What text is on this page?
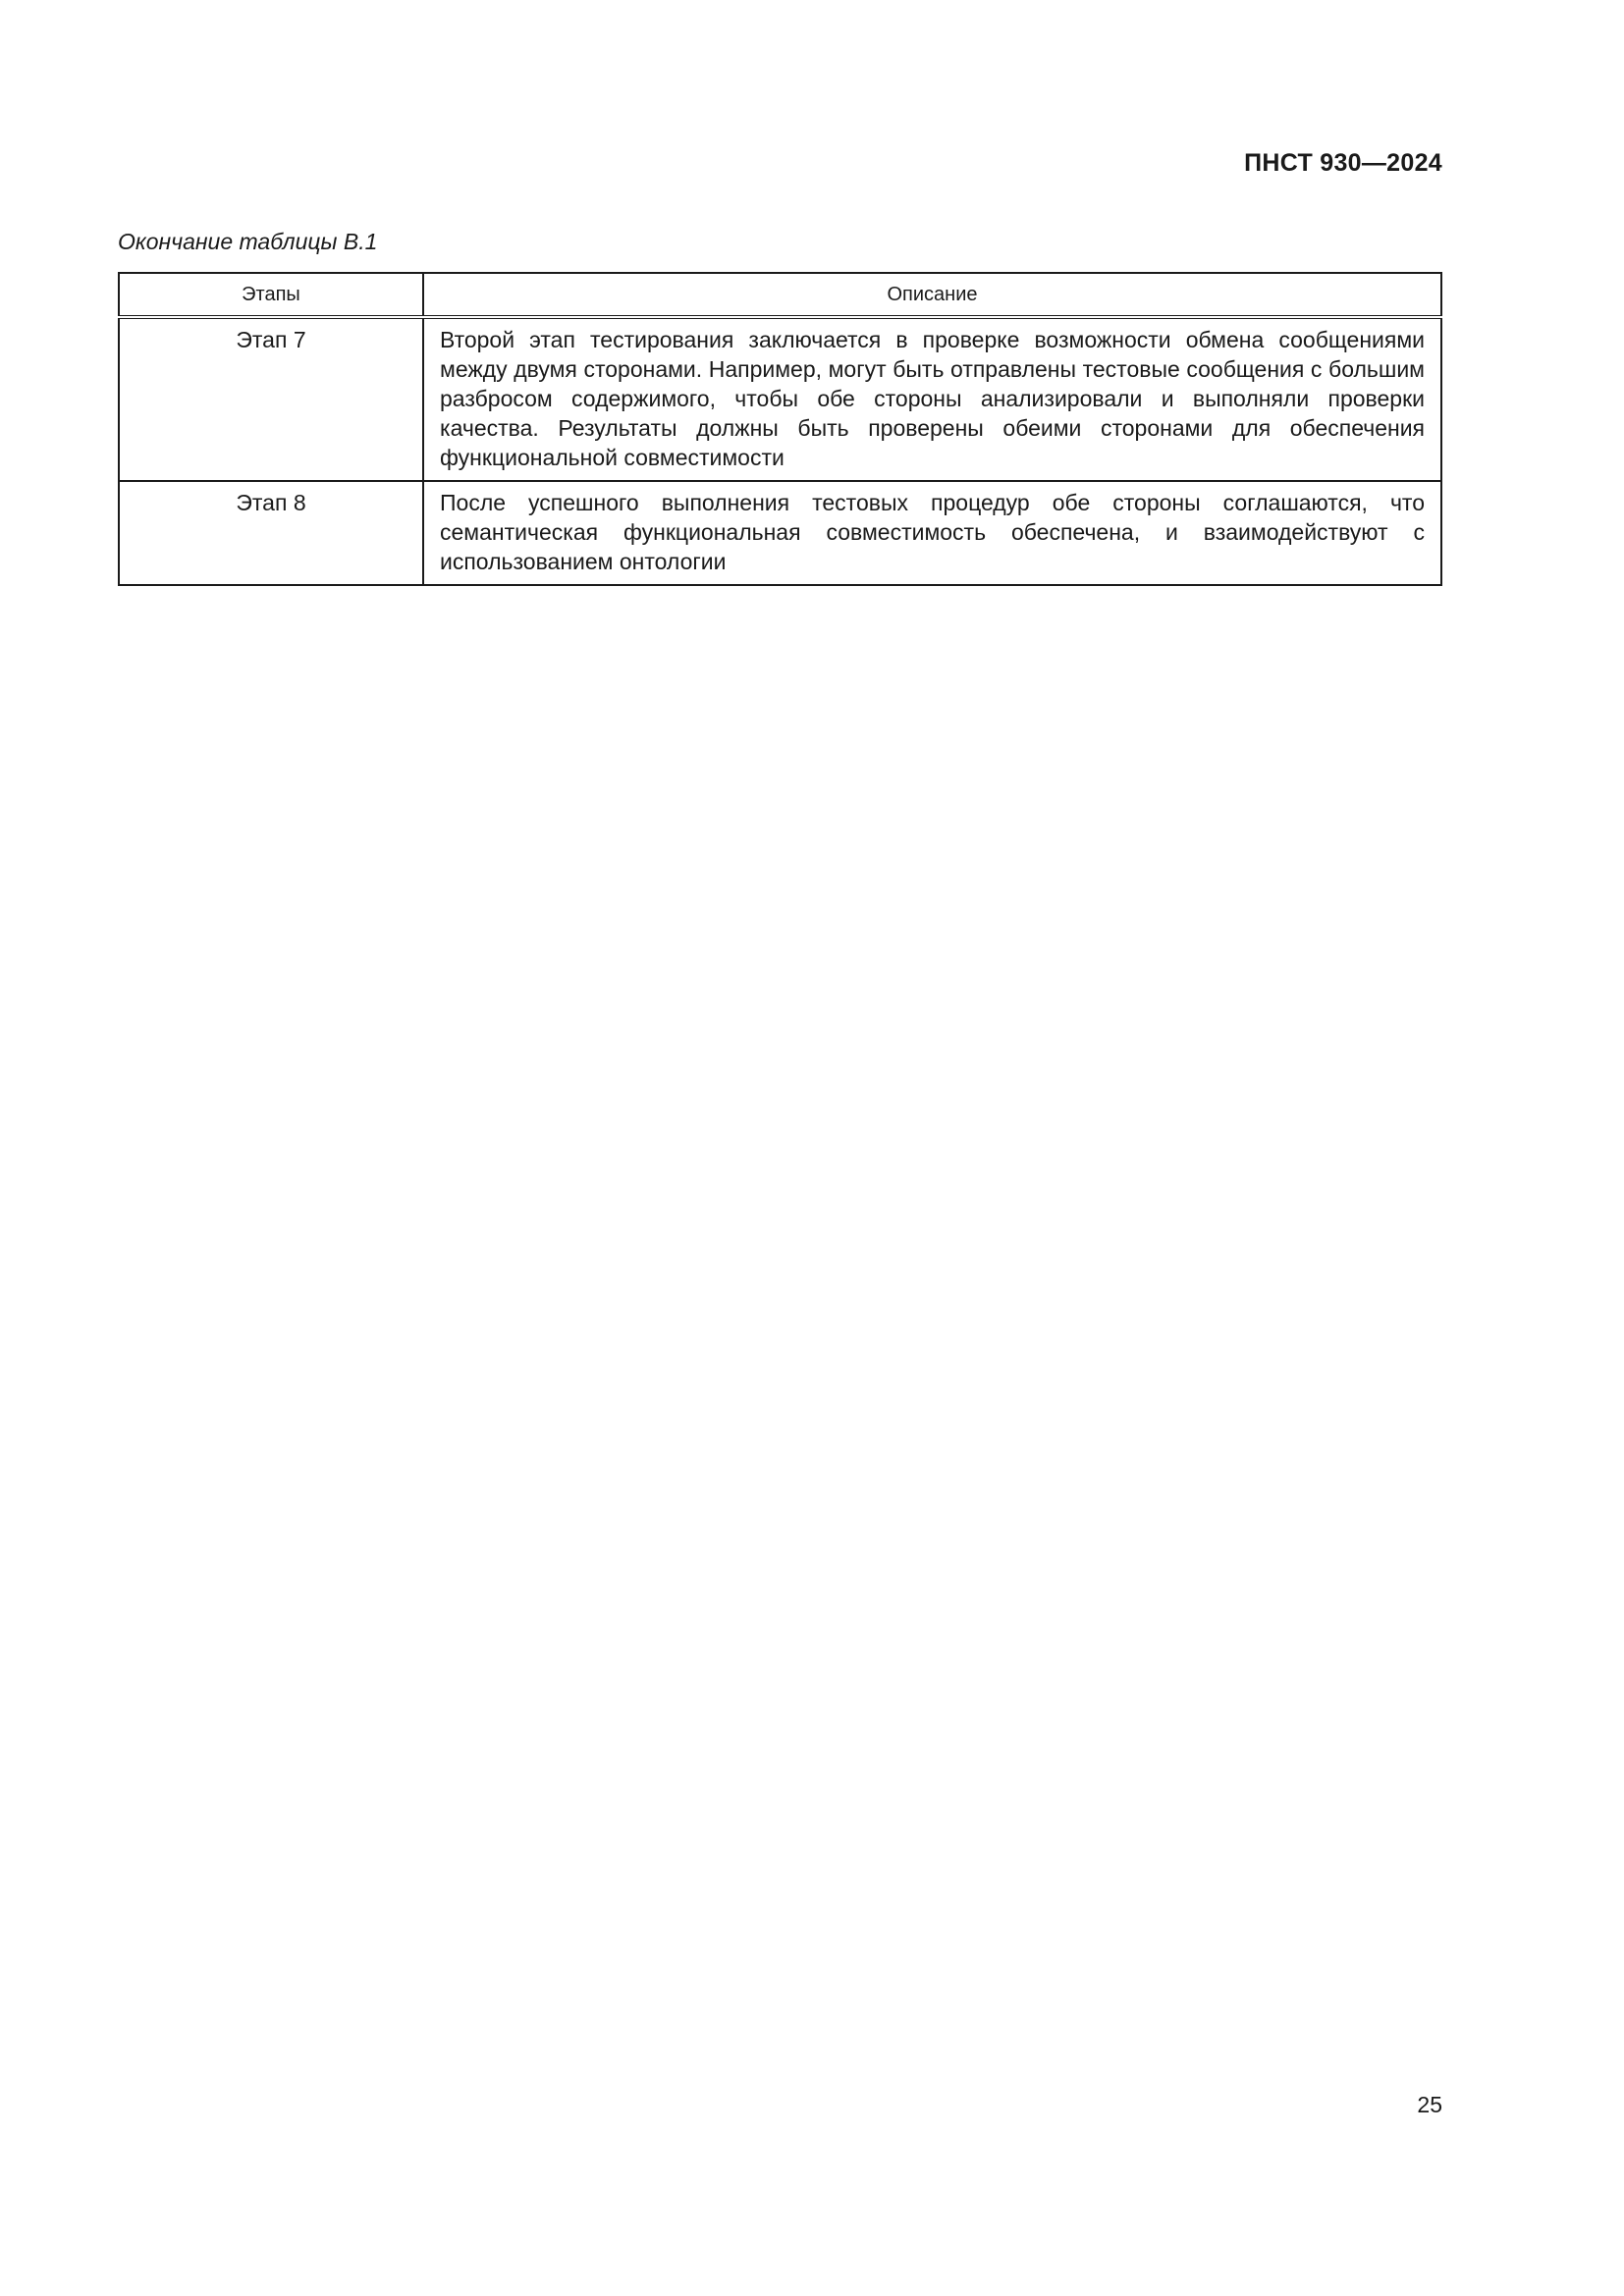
ПНСТ 930—2024
Окончание таблицы В.1
Этапы	Описание
Этап 7	Второй этап тестирования заключается в проверке возможности обмена сообщениями между двумя сторонами. Например, могут быть отправлены тестовые сообщения с большим разбросом содержимого, чтобы обе стороны анализировали и выполняли проверки качества. Результаты должны быть проверены обеими сторонами для обеспечения функциональной совместимости
Этап 8	После успешного выполнения тестовых процедур обе стороны соглашаются, что семантическая функциональная совместимость обеспечена, и взаимодействуют с использованием онтологии
25
